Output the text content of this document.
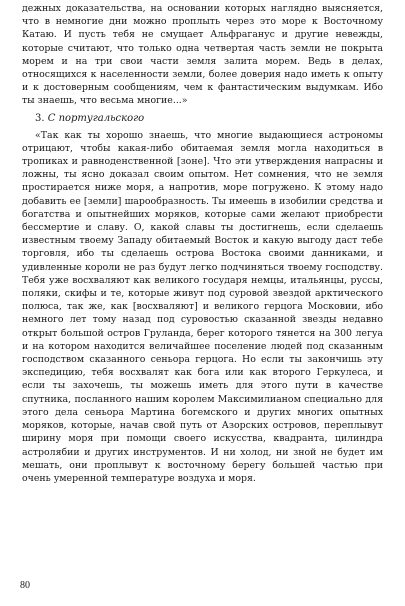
дежных доказательства, на основании которых наглядно выясняется, что в немногие дни можно проплыть через это море к Восточному Катаю. И пусть тебя не смущает Альфраганус и другие невежды, которые считают, что только одна четвертая часть земли не покрыта морем и на три свои части земля залита морем. Ведь в делах, относящихся к населенности земли, более доверия надо иметь к опыту и к достоверным сообщениям, чем к фантастическим выдумкам. Ибо ты знаешь, что весьма многие...»

3. С португальского

«Так как ты хорошо знаешь, что многие выдающиеся астрономы отрицают, чтобы какая-либо обитаемая земля могла находиться в тропиках и равноденственной [зоне]. Что эти утверждения напрасны и ложны, ты ясно доказал своим опытом. Нет сомнения, что не земля простирается ниже моря, а напротив, море погружено. К этому надо добавить ее [земли] шарообразность. Ты имеешь в изобилии средства и богатства и опытнейших моряков, которые сами желают приобрести бессмертие и славу. О, какой славы ты достигнешь, если сделаешь известным твоему Западу обитаемый Восток и какую выгоду даст тебе торговля, ибо ты сделаешь острова Востока своими данниками, и удивленные короли не раз будут легко подчиняться твоему господству. Тебя уже восхваляют как великого государя немцы, итальянцы, руссы, поляки, скифы и те, которые живут под суровой звездой арктического полюса, так же, как [восхваляют] и великого герцога Московии, ибо немного лет тому назад под суровостью сказанной звезды недавно открыт большой остров Груланда, берег которого тянется на 300 легуа и на котором находится величайшее поселение людей под сказанным господством сказанного сеньора герцога. Но если ты закончишь эту экспедицию, тебя восхвалят как бога или как второго Геркулеса, и если ты захочешь, ты можешь иметь для этого пути в качестве спутника, посланного нашим королем Максимилианом специально для этого дела сеньора Мартина богемского и других многих опытных моряков, которые, начав свой путь от Азорских островов, переплывут ширину моря при помощи своего искусства, квадранта, цилиндра астролябии и других инструментов. И ни холод, ни зной не будет им мешать, они проплывут к восточному берегу большей частью при очень умеренной температуре воздуха и моря.

80
